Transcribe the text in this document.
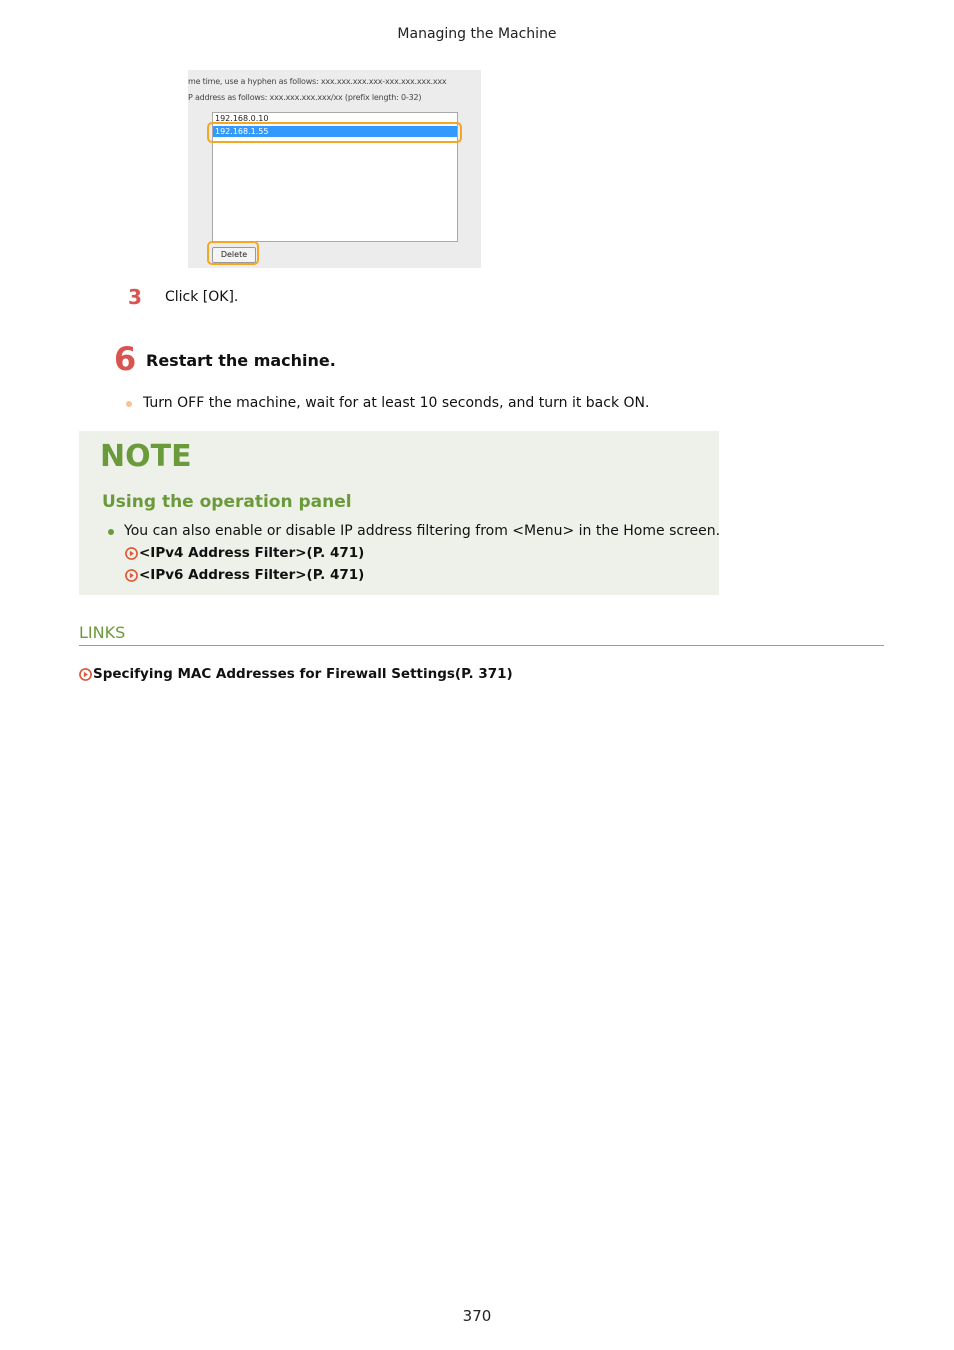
Managing the Machine
me time, use a hyphen as follows: xxx.xxx.xxx.xxx-xxx.xxx.xxx.xxx
P address as follows: xxx.xxx.xxx.xxx/xx (prefix length: 0-32)
192.168.0.10
192.168.1.55
Delete
3 Click [OK].
6 Restart the machine.
Turn OFF the machine, wait for at least 10 seconds, and turn it back ON.
NOTE
Using the operation panel
You can also enable or disable IP address filtering from <Menu> in the Home screen.
<IPv4 Address Filter>(P. 471)
<IPv6 Address Filter>(P. 471)
LINKS
Specifying MAC Addresses for Firewall Settings(P. 371)
370
